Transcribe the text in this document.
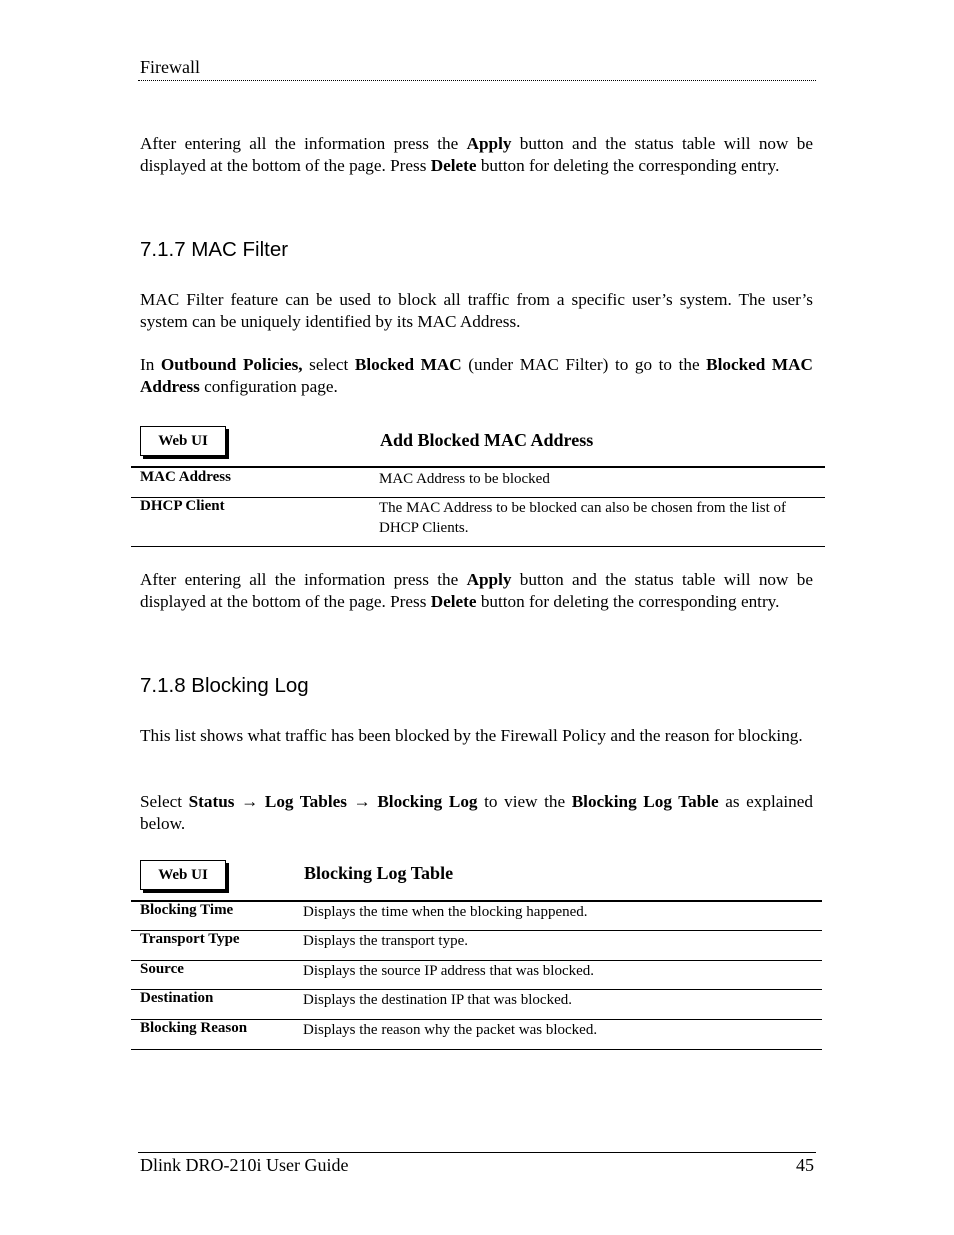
Firewall
After entering all the information press the Apply button and the status table will now be displayed at the bottom of the page. Press Delete button for deleting the corresponding entry.
7.1.7 MAC Filter
MAC Filter feature can be used to block all traffic from a specific user’s system. The user’s system can be uniquely identified by its MAC Address.
In Outbound Policies, select Blocked MAC (under MAC Filter) to go to the Blocked MAC Address configuration page.
Web UI	Add Blocked MAC Address
MAC Address	MAC Address to be blocked
DHCP Client	The MAC Address to be blocked can also be chosen from the list of DHCP Clients.
After entering all the information press the Apply button and the status table will now be displayed at the bottom of the page. Press Delete button for deleting the corresponding entry.
7.1.8 Blocking Log
This list shows what traffic has been blocked by the Firewall Policy and the reason for blocking.
Select Status → Log Tables → Blocking Log to view the Blocking Log Table as explained below.
Web UI	Blocking Log Table
Blocking Time	Displays the time when the blocking happened.
Transport Type	Displays the transport type.
Source	Displays the source IP address that was blocked.
Destination	Displays the destination IP that was blocked.
Blocking Reason	Displays the reason why the packet was blocked.
Dlink DRO-210i User Guide	45
